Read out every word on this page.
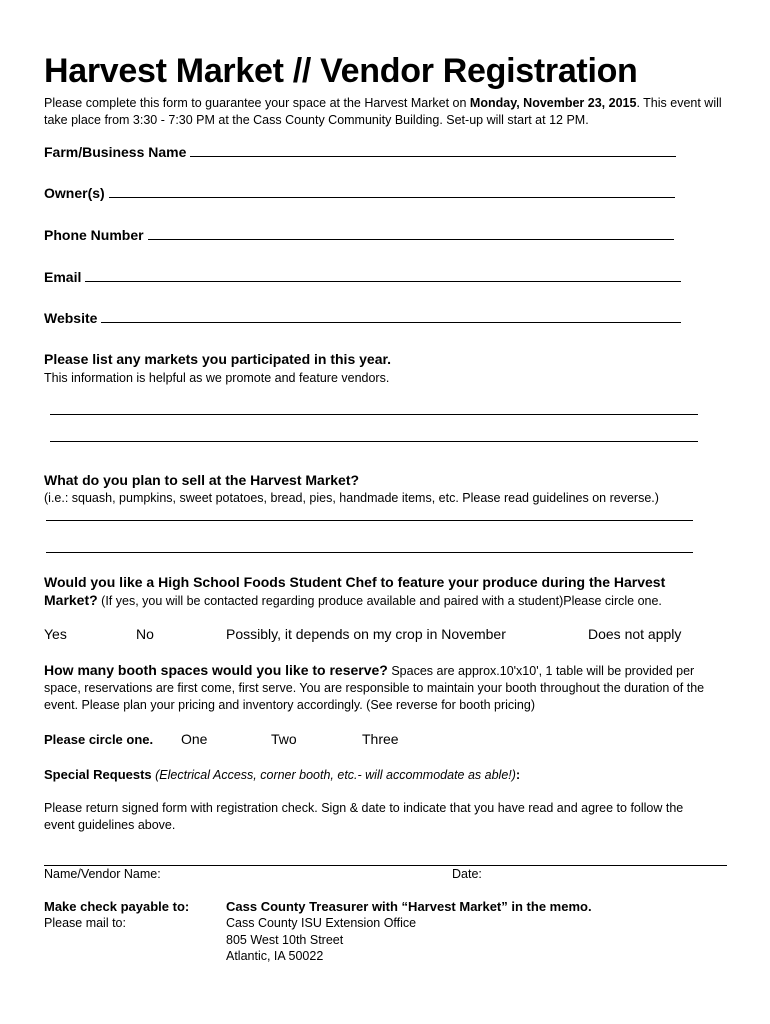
Harvest Market // Vendor Registration
Please complete this form to guarantee your space at the Harvest Market on Monday, November 23, 2015. This event will take place from 3:30 - 7:30 PM at the Cass County Community Building. Set-up will start at 12 PM.
Farm/Business Name
Owner(s)
Phone Number
Email
Website
Please list any markets you participated in this year.
This information is helpful as we promote and feature vendors.
What do you plan to sell at the Harvest Market?
(i.e.: squash, pumpkins, sweet potatoes, bread, pies, handmade items, etc. Please read guidelines on reverse.)
Would you like a High School Foods Student Chef to feature your produce during the Harvest
Market? (If yes, you will be contacted regarding produce available and paired with a student)Please circle one.
Yes	No	Possibly, it depends on my crop in November	Does not apply
How many booth spaces would you like to reserve? Spaces are approx.10'x10', 1 table will be provided per space, reservations are first come, first serve. You are responsible to maintain your booth throughout the duration of the event. Please plan your pricing and inventory accordingly. (See reverse for booth pricing)
Please circle one. One	Two	Three
Special Requests (Electrical Access, corner booth, etc.- will accommodate as able!):
Please return signed form with registration check. Sign & date to indicate that you have read and agree to follow the event guidelines above.
Name/Vendor Name:	Date:
Make check payable to:	Cass County Treasurer with “Harvest Market” in the memo.
Please mail to:	Cass County ISU Extension Office
805 West 10th Street
Atlantic, IA 50022
